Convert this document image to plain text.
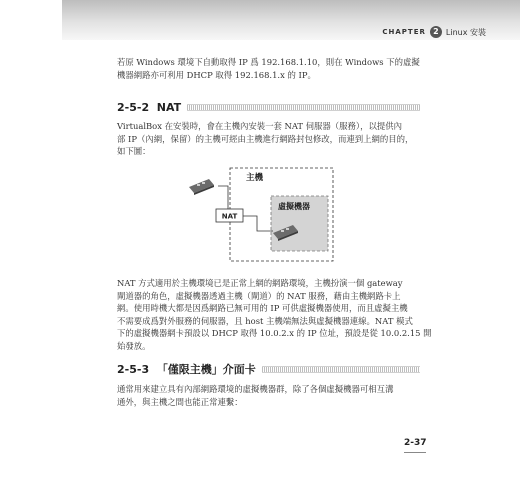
CHAPTER 2 Linux 安裝

若原 Windows 環境下自動取得 IP 爲 192.168.1.10，則在 Windows 下的虛擬
機器網路亦可利用 DHCP 取得 192.168.1.x 的 IP。

2-5-2 NAT

VirtualBox 在安裝時，會在主機內安裝一套 NAT 伺服器（服務），以提供內
部 IP（內網，保留）的主機可經由主機進行網路封包修改，而連到上網的目的，
如下圖：

主機
虛擬機器
NAT

NAT 方式適用於主機環境已是正常上網的網路環境，主機扮演一個 gateway
閘道器的角色，虛擬機器透過主機（閘道）的 NAT 服務，藉由主機網路卡上
網。使用時機大都是因爲網路已無可用的 IP 可供虛擬機器使用，而且虛擬主機
不需要成爲對外服務的伺服器，且 host 主機端無法與虛擬機器連線。NAT 模式
下的虛擬機器網卡預設以 DHCP 取得 10.0.2.x 的 IP 位址，預設是從 10.0.2.15 開
始發放。

2-5-3 「僅限主機」介面卡

通常用來建立具有內部網路環境的虛擬機器群，除了各個虛擬機器可相互溝
通外，與主機之間也能正常連繫：

2-37
